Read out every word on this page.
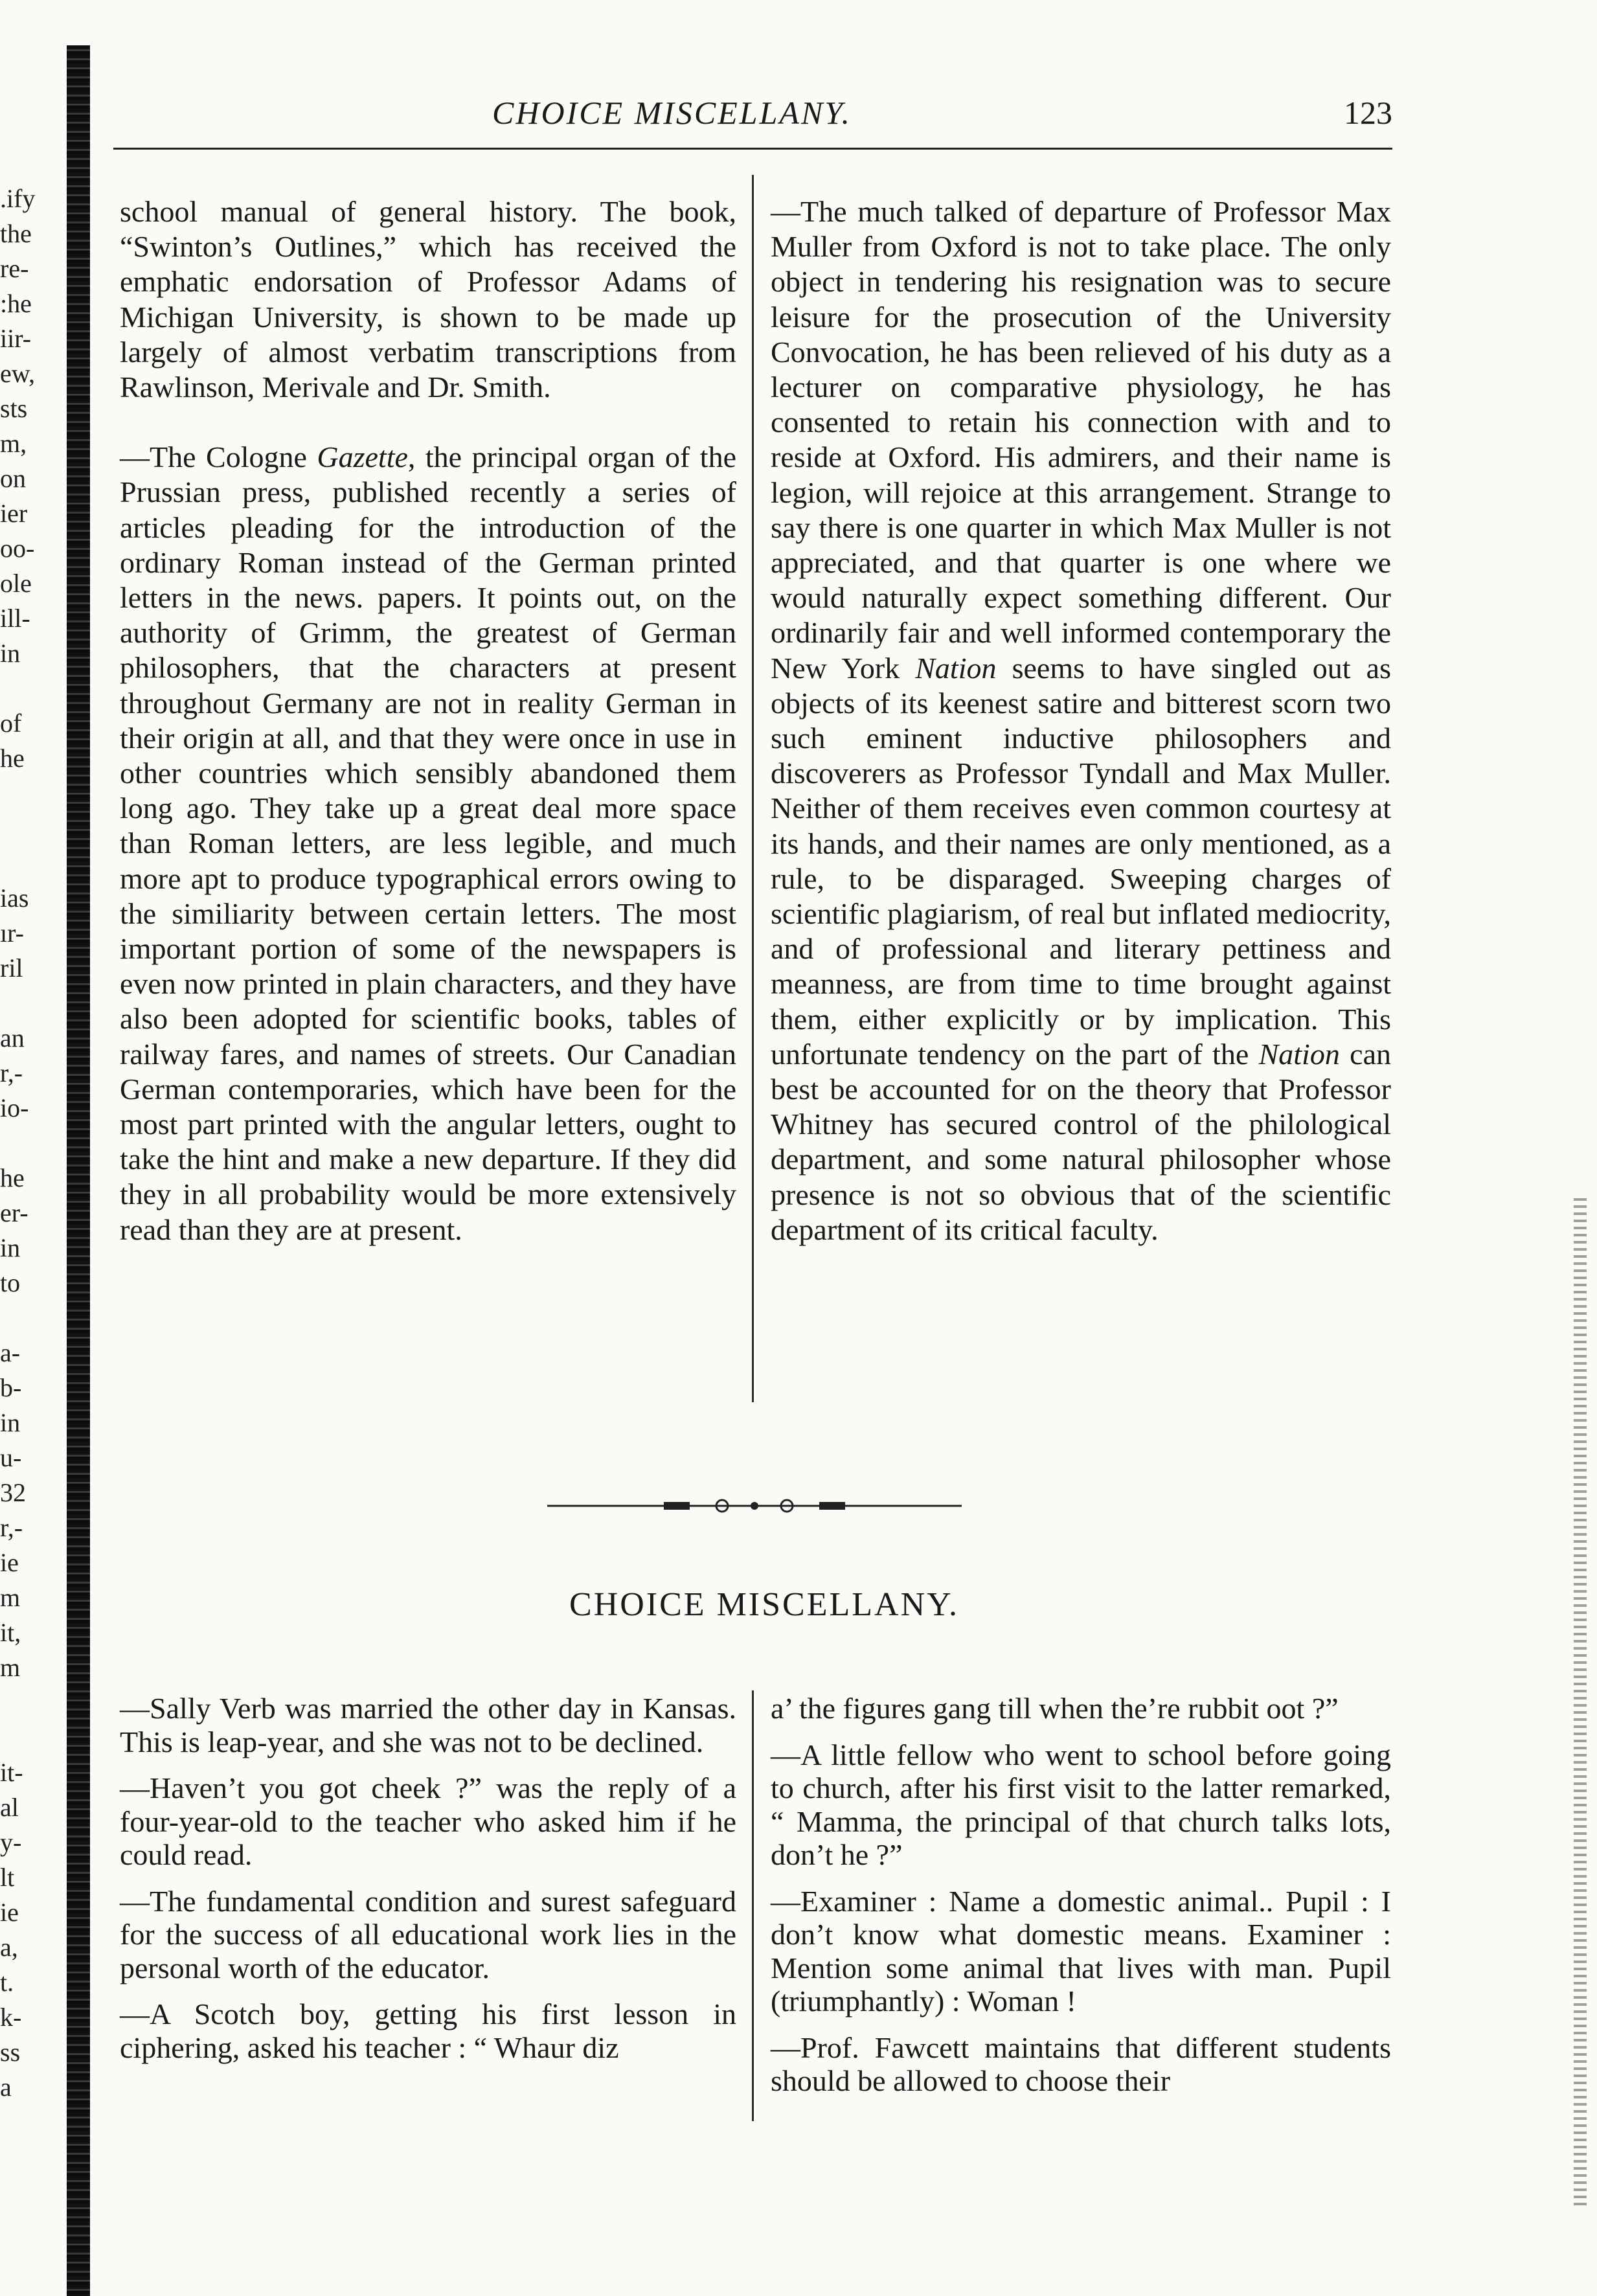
.ify
the
re-
:he
iir-
ew,
sts
m,
on
ier
oo-
ole
ill-
in
of
he
ias
ır-
ril
an
r,-
io-
he
er-
in
to
a-
b-
in
u-
32
r,-
ie
m
it,
m
it-
al
y-
lt
ie
a,
t.
k-
ss
a
CHOICE MISCELLANY.	123

school manual of general history. The book, “Swinton’s Outlines,” which has received the emphatic endorsation of Professor Adams of Michigan University, is shown to be made up largely of almost verbatim transcriptions from Rawlinson, Merivale and Dr. Smith.

—The Cologne Gazette, the principal organ of the Prussian press, published recently a series of articles pleading for the introduction of the ordinary Roman instead of the German printed letters in the news. papers. It points out, on the authority of Grimm, the greatest of German philosophers, that the characters at present throughout Germany are not in reality German in their origin at all, and that they were once in use in other countries which sensibly abandoned them long ago. They take up a great deal more space than Roman letters, are less legible, and much more apt to produce typographical errors owing to the similiarity between certain letters. The most important portion of some of the newspapers is even now printed in plain characters, and they have also been adopted for scientific books, tables of railway fares, and names of streets. Our Canadian German contemporaries, which have been for the most part printed with the angular letters, ought to take the hint and make a new departure. If they did they in all probability would be more extensively read than they are at present.

—The much talked of departure of Professor Max Muller from Oxford is not to take place. The only object in tendering his resignation was to secure leisure for the prosecution of the University Convocation, he has been relieved of his duty as a lecturer on comparative physiology, he has consented to retain his connection with and to reside at Oxford. His admirers, and their name is legion, will rejoice at this arrangement. Strange to say there is one quarter in which Max Muller is not appreciated, and that quarter is one where we would naturally expect something different. Our ordinarily fair and well informed contemporary the New York Nation seems to have singled out as objects of its keenest satire and bitterest scorn two such eminent inductive philosophers and discoverers as Professor Tyndall and Max Muller. Neither of them receives even common courtesy at its hands, and their names are only mentioned, as a rule, to be disparaged. Sweeping charges of scientific plagiarism, of real but inflated mediocrity, and of professional and literary pettiness and meanness, are from time to time brought against them, either explicitly or by implication. This unfortunate tendency on the part of the Nation can best be accounted for on the theory that Professor Whitney has secured control of the philological department, and some natural philosopher whose presence is not so obvious that of the scientific department of its critical faculty.

CHOICE MISCELLANY.

—Sally Verb was married the other day in Kansas. This is leap-year, and she was not to be declined.

—Haven’t you got cheek ?” was the reply of a four-year-old to the teacher who asked him if he could read.

—The fundamental condition and surest safeguard for the success of all educational work lies in the personal worth of the educator.

—A Scotch boy, getting his first lesson in ciphering, asked his teacher : “ Whaur diz

a’ the figures gang till when the’re rubbit oot ?”

—A little fellow who went to school before going to church, after his first visit to the latter remarked, “ Mamma, the principal of that church talks lots, don’t he ?”

—Examiner : Name a domestic animal.. Pupil : I don’t know what domestic means. Examiner : Mention some animal that lives with man. Pupil (triumphantly) : Woman !

—Prof. Fawcett maintains that different students should be allowed to choose their
